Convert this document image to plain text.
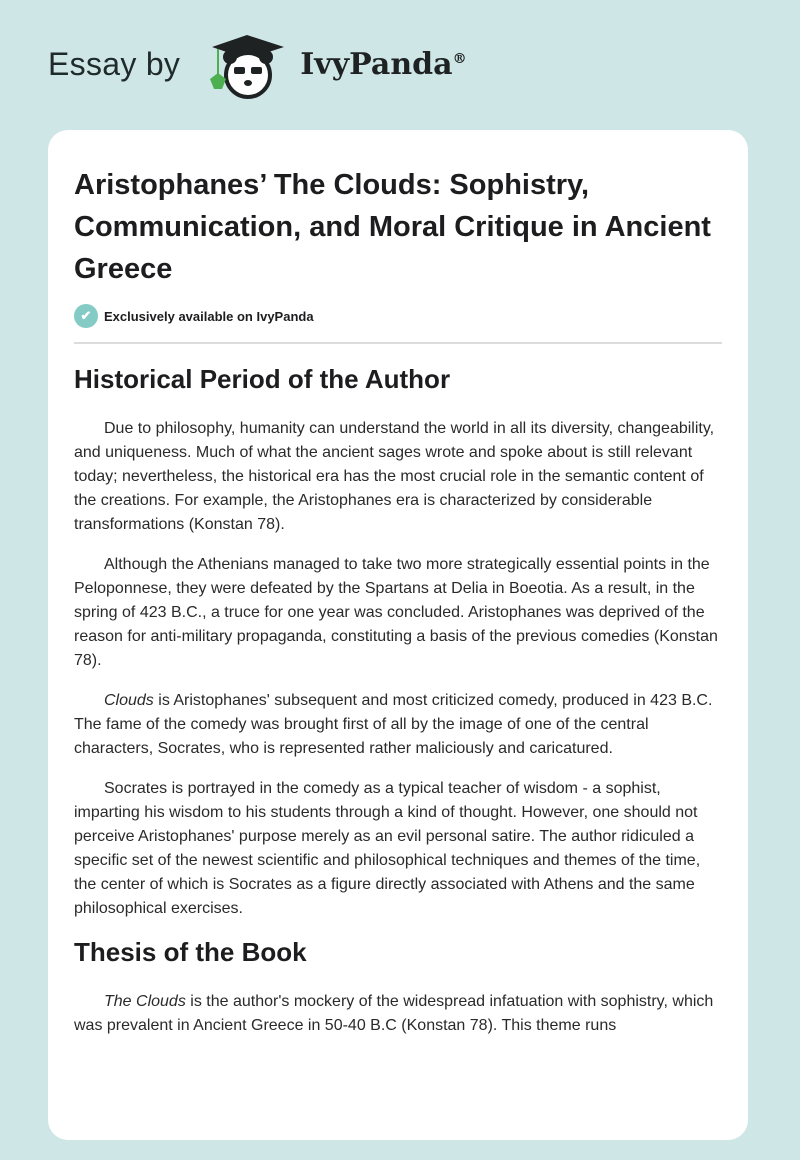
Essay by	IvyPanda®
Aristophanes’ The Clouds: Sophistry, Communication, and Moral Critique in Ancient Greece
✔ Exclusively available on IvyPanda
Historical Period of the Author

Due to philosophy, humanity can understand the world in all its diversity, changeability, and uniqueness. Much of what the ancient sages wrote and spoke about is still relevant today; nevertheless, the historical era has the most crucial role in the semantic content of the creations. For example, the Aristophanes era is characterized by considerable transformations (Konstan 78).

Although the Athenians managed to take two more strategically essential points in the Peloponnese, they were defeated by the Spartans at Delia in Boeotia. As a result, in the spring of 423 B.C., a truce for one year was concluded. Aristophanes was deprived of the reason for anti-military propaganda, constituting a basis of the previous comedies (Konstan 78).

Clouds is Aristophanes' subsequent and most criticized comedy, produced in 423 B.C. The fame of the comedy was brought first of all by the image of one of the central characters, Socrates, who is represented rather maliciously and caricatured.

Socrates is portrayed in the comedy as a typical teacher of wisdom - a sophist, imparting his wisdom to his students through a kind of thought. However, one should not perceive Aristophanes' purpose merely as an evil personal satire. The author ridiculed a specific set of the newest scientific and philosophical techniques and themes of the time, the center of which is Socrates as a figure directly associated with Athens and the same philosophical exercises.

Thesis of the Book

The Clouds is the author's mockery of the widespread infatuation with sophistry, which was prevalent in Ancient Greece in 50-40 B.C (Konstan 78). This theme runs
